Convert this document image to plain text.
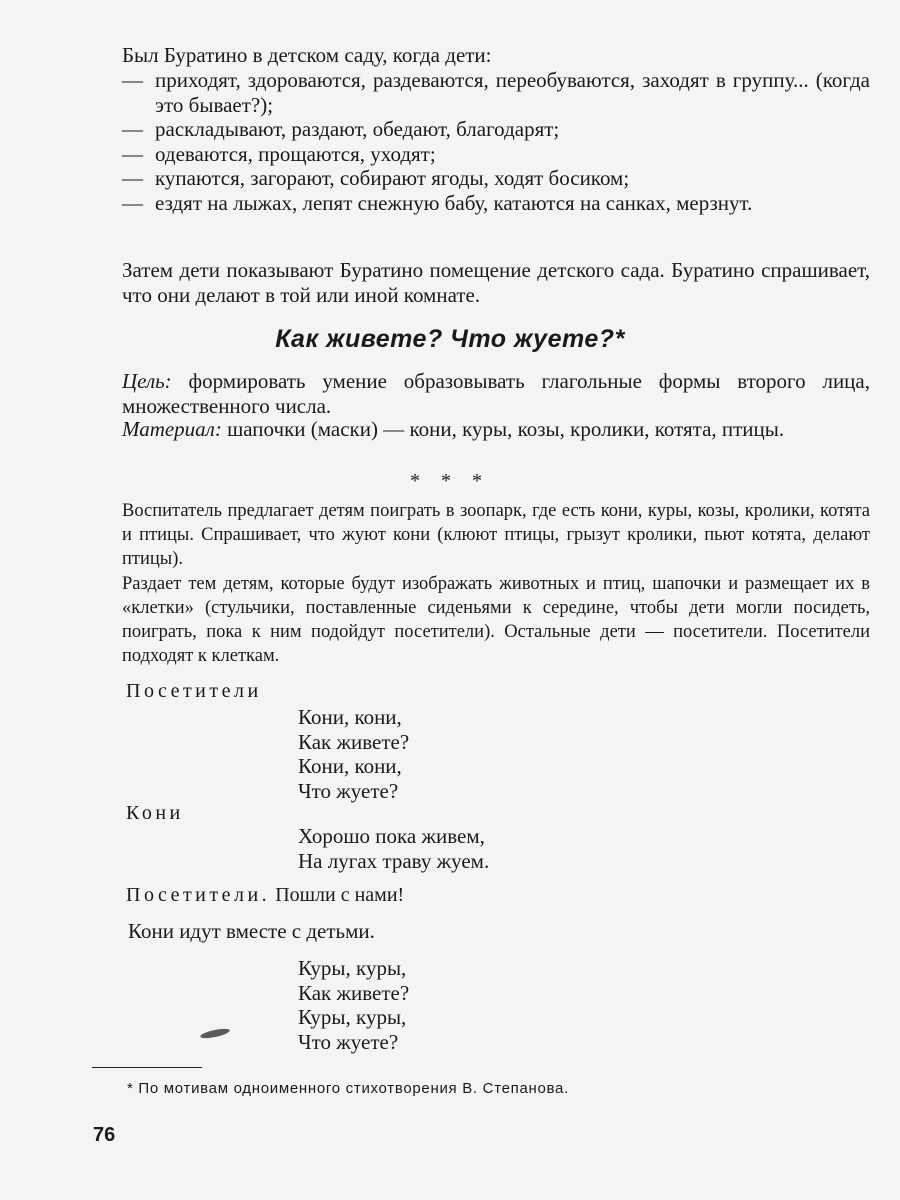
Был Буратино в детском саду, когда дети:

— приходят, здороваются, раздеваются, переобуваются, заходят в группу... (когда это бывает?);
— раскладывают, раздают, обедают, благодарят;
— одеваются, прощаются, уходят;
— купаются, загорают, собирают ягоды, ходят босиком;
— ездят на лыжах, лепят снежную бабу, катаются на санках, мерзнут.

Затем дети показывают Буратино помещение детского сада. Буратино спрашивает, что они делают в той или иной комнате.

Как живете? Что жуете?*

Цель: формировать умение образовывать глагольные формы второго лица, множественного числа.

Материал: шапочки (маски) — кони, куры, козы, кролики, котята, птицы.

* * *

Воспитатель предлагает детям поиграть в зоопарк, где есть кони, куры, козы, кролики, котята и птицы. Спрашивает, что жуют кони (клюют птицы, грызут кролики, пьют котята, делают птицы).

Раздает тем детям, которые будут изображать животных и птиц, шапочки и размещает их в «клетки» (стульчики, поставленные сиденьями к середине, чтобы дети могли посидеть, поиграть, пока к ним подойдут посетители). Остальные дети — посетители. Посетители подходят к клеткам.

Посетители
Кони, кони,
Как живете?
Кони, кони,
Что жуете?
Кони
Хорошо пока живем,
На лугах траву жуем.
Посетители. Пошли с нами!

Кони идут вместе с детьми.

Куры, куры,
Как живете?
Куры, куры,
Что жуете?
* По мотивам одноименного стихотворения В. Степанова.
76
